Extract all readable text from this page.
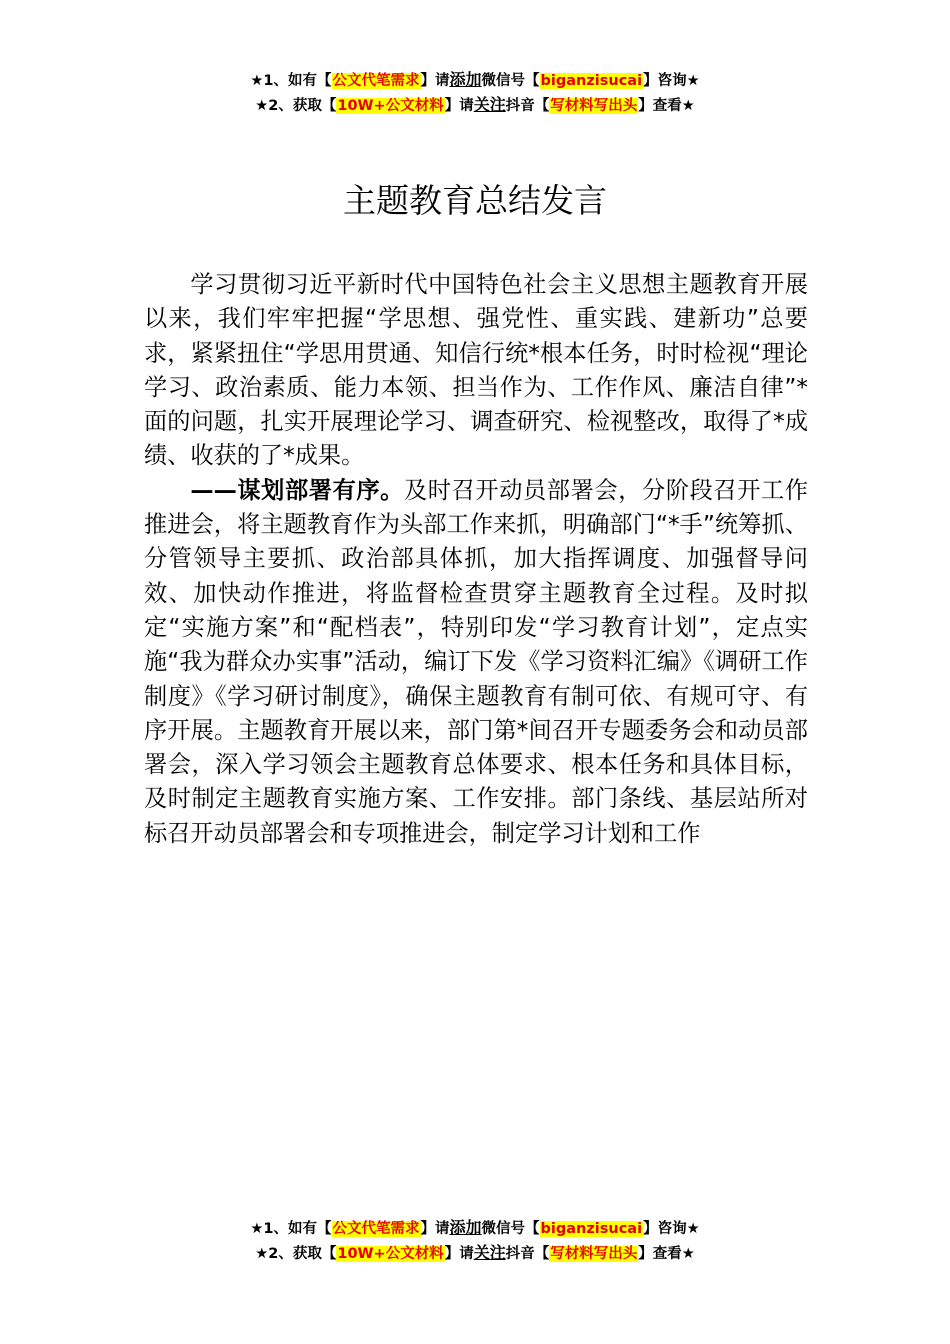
★1、如有【公文代笔需求】请添加微信号【biganzisucai】咨询★
★2、获取【10W+公文材料】请关注抖音【写材料写出头】查看★
主题教育总结发言

学习贯彻习近平新时代中国特色社会主义思想主题教育开展以来，我们牢牢把握“学思想、强党性、重实践、建新功”总要求，紧紧扭住“学思用贯通、知信行统*根本任务，时时检视“理论学习、政治素质、能力本领、担当作为、工作作风、廉洁自律”*面的问题，扎实开展理论学习、调查研究、检视整改，取得了*成绩、收获的了*成果。

——谋划部署有序。及时召开动员部署会，分阶段召开工作推进会，将主题教育作为头部工作来抓，明确部门“*手”统筹抓、分管领导主要抓、政治部具体抓，加大指挥调度、加强督导问效、加快动作推进，将监督检查贯穿主题教育全过程。及时拟定“实施方案”和“配档表”，特别印发“学习教育计划”，定点实施“我为群众办实事”活动，编订下发《学习资料汇编》《调研工作制度》《学习研讨制度》，确保主题教育有制可依、有规可守、有序开展。主题教育开展以来，部门第*间召开专题委务会和动员部署会，深入学习领会主题教育总体要求、根本任务和具体目标，及时制定主题教育实施方案、工作安排。部门条线、基层站所对标召开动员部署会和专项推进会，制定学习计划和工作

★1、如有【公文代笔需求】请添加微信号【biganzisucai】咨询★
★2、获取【10W+公文材料】请关注抖音【写材料写出头】查看★
